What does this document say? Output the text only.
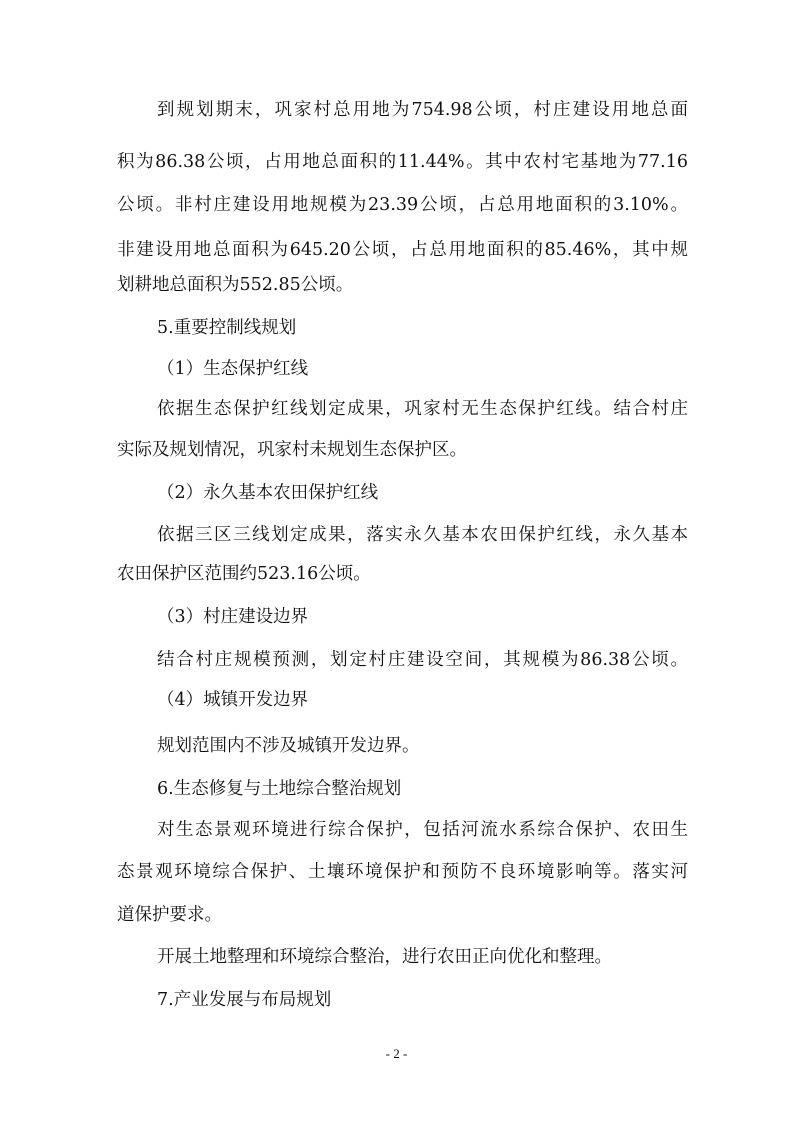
到规划期末，巩家村总用地为754.98公顷，村庄建设用地总面

积为86.38公顷，占用地总面积的11.44%。其中农村宅基地为77.16

公顷。非村庄建设用地规模为23.39公顷，占总用地面积的3.10%。

非建设用地总面积为645.20公顷，占总用地面积的85.46%，其中规

划耕地总面积为552.85公顷。

5.重要控制线规划

（1）生态保护红线

依据生态保护红线划定成果，巩家村无生态保护红线。结合村庄

实际及规划情况，巩家村未规划生态保护区。

（2）永久基本农田保护红线

依据三区三线划定成果，落实永久基本农田保护红线，永久基本

农田保护区范围约523.16公顷。

（3）村庄建设边界

结合村庄规模预测，划定村庄建设空间，其规模为86.38公顷。

（4）城镇开发边界

规划范围内不涉及城镇开发边界。

6.生态修复与土地综合整治规划

对生态景观环境进行综合保护，包括河流水系综合保护、农田生

态景观环境综合保护、土壤环境保护和预防不良环境影响等。落实河

道保护要求。

开展土地整理和环境综合整治，进行农田正向优化和整理。

7.产业发展与布局规划

- 2 -
